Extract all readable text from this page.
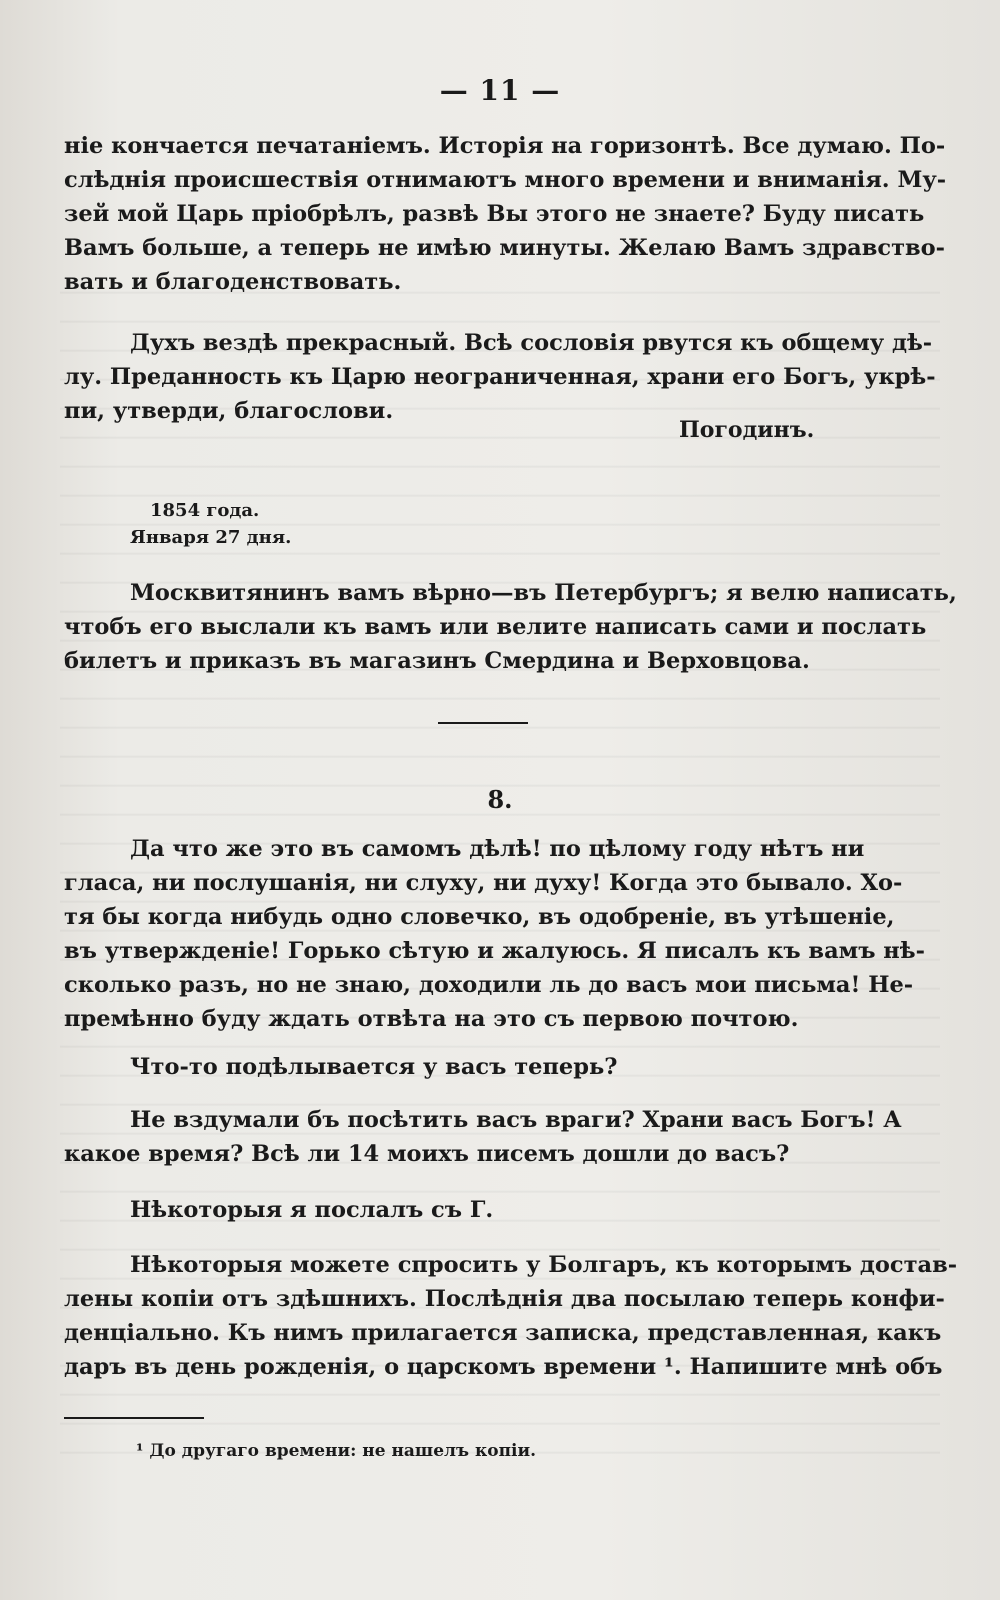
— 11 —
ніе кончается печатаніемъ. Исторія на горизонтѣ. Все думаю. По-
слѣднія происшествія отнимаютъ много времени и вниманія. Му-
зей мой Царь пріобрѣлъ, развѣ Вы этого не знаете? Буду писать
Вамъ больше, а теперь не имѣю минуты. Желаю Вамъ здравство-
вать и благоденствовать.
Духъ вездѣ прекрасный. Всѣ сословія рвутся къ общему дѣ-
лу. Преданность къ Царю неограниченная, храни его Богъ, укрѣ-
пи, утверди, благослови.
Погодинъ.
1854 года.
Января 27 дня.
Москвитянинъ вамъ вѣрно—въ Петербургъ; я велю написать,
чтобъ его выслали къ вамъ или велите написать сами и послать
билетъ и приказъ въ магазинъ Смердина и Верховцова.
8.
Да что же это въ самомъ дѣлѣ! по цѣлому году нѣтъ ни
гласа, ни послушанія, ни слуху, ни духу! Когда это бывало. Хо-
тя бы когда нибудь одно словечко, въ одобреніе, въ утѣшеніе,
въ утвержденіе! Горько сѣтую и жалуюсь. Я писалъ къ вамъ нѣ-
сколько разъ, но не знаю, доходили ль до васъ мои письма! Не-
премѣнно буду ждать отвѣта на это съ первою почтою.
Что-то подѣлывается у васъ теперь?
Не вздумали бъ посѣтить васъ враги? Храни васъ Богъ! А
какое время? Всѣ ли 14 моихъ писемъ дошли до васъ?
Нѣкоторыя я послалъ съ Г.
Нѣкоторыя можете спросить у Болгаръ, къ которымъ достав-
лены копіи отъ здѣшнихъ. Послѣднія два посылаю теперь конфи-
денціально. Къ нимъ прилагается записка, представленная, какъ
даръ въ день рожденія, о царскомъ времени ¹. Напишите мнѣ объ
¹ До другаго времени: не нашелъ копіи.
